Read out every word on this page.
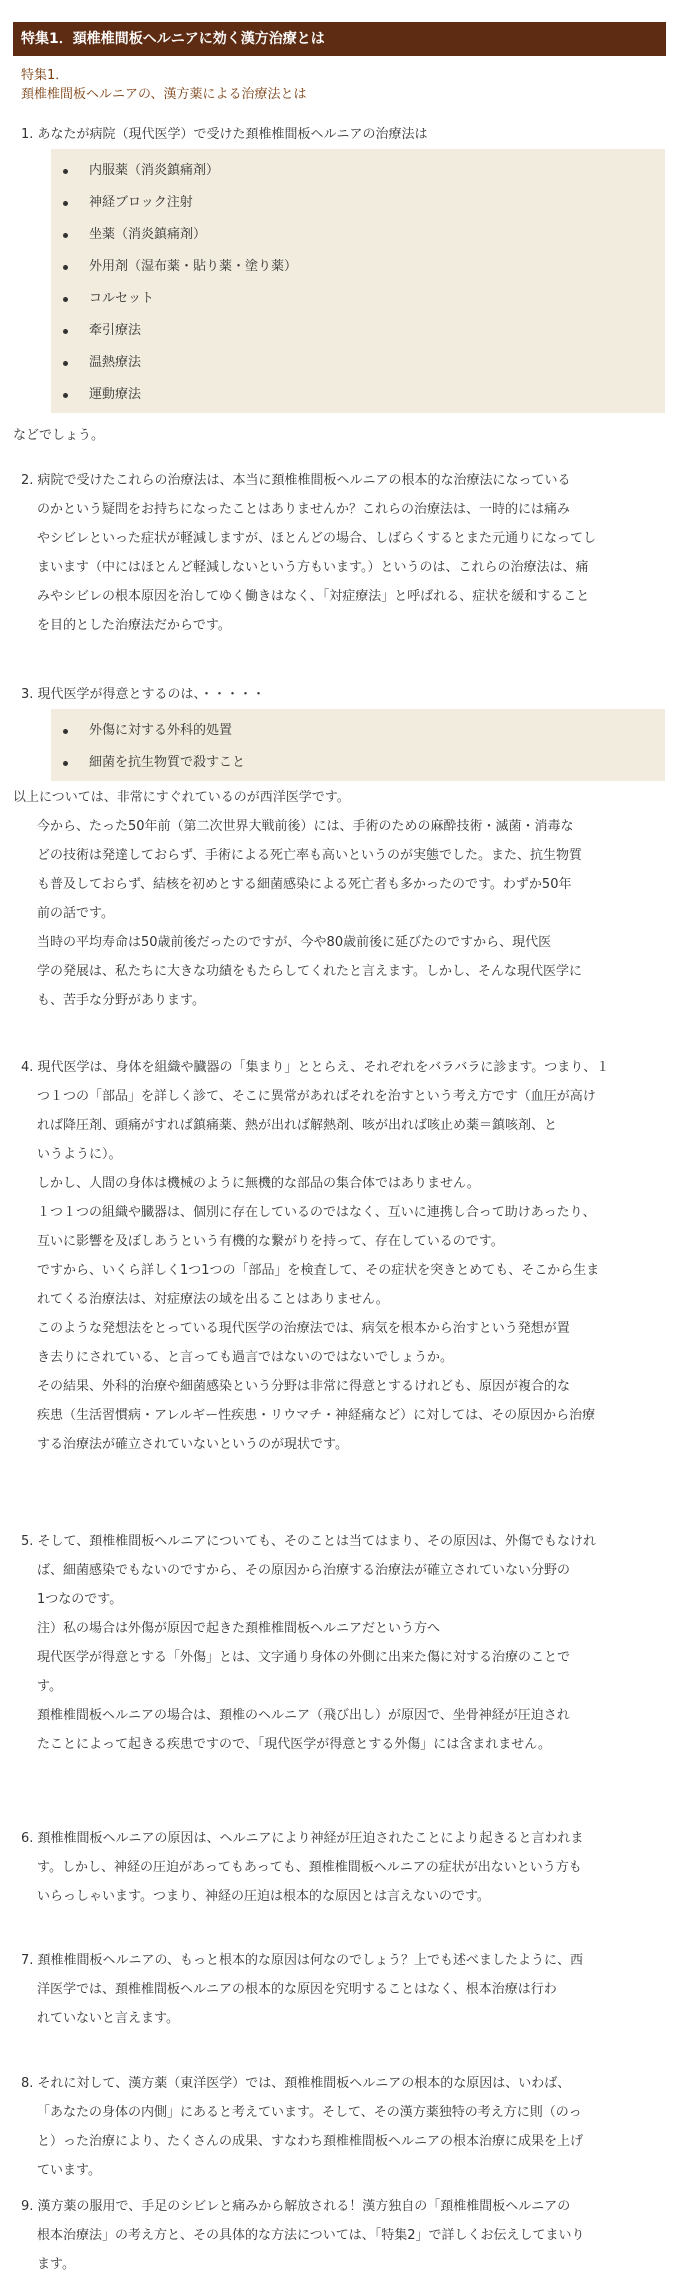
特集1．頚椎椎間板ヘルニアに効く漢方治療とは
特集1．
頚椎椎間板ヘルニアの、漢方薬による治療法とは
1. あなたが病院（現代医学）で受けた頚椎椎間板ヘルニアの治療法は
内服薬（消炎鎮痛剤）
神経ブロック注射
坐薬（消炎鎮痛剤）
外用剤（湿布薬・貼り薬・塗り薬）
コルセット
牽引療法
温熱療法
運動療法
などでしょう。
2. 病院で受けたこれらの治療法は、本当に頚椎椎間板ヘルニアの根本的な治療法になっている
のかという疑問をお持ちになったことはありませんか？これらの治療法は、一時的には痛み
やシビレといった症状が軽減しますが、ほとんどの場合、しばらくするとまた元通りになってし
まいます（中にはほとんど軽減しないという方もいます。）というのは、これらの治療法は、痛
みやシビレの根本原因を治してゆく働きはなく、「対症療法」と呼ばれる、症状を緩和すること
を目的とした治療法だからです。
3. 現代医学が得意とするのは、・・・・・
外傷に対する外科的処置
細菌を抗生物質で殺すこと
以上については、非常にすぐれているのが西洋医学です。
今から、たった50年前（第二次世界大戦前後）には、手術のための麻酔技術・滅菌・消毒な
どの技術は発達しておらず、手術による死亡率も高いというのが実態でした。また、抗生物質
も普及しておらず、結核を初めとする細菌感染による死亡者も多かったのです。わずか50年
前の話です。
当時の平均寿命は50歳前後だったのですが、今や80歳前後に延びたのですから、現代医
学の発展は、私たちに大きな功績をもたらしてくれたと言えます。しかし、そんな現代医学に
も、苦手な分野があります。
4. 現代医学は、身体を組織や臓器の「集まり」ととらえ、それぞれをバラバラに診ます。つまり、１
つ１つの「部品」を詳しく診て、そこに異常があればそれを治すという考え方です（血圧が高け
れば降圧剤、頭痛がすれば鎮痛薬、熱が出れば解熱剤、咳が出れば咳止め薬＝鎮咳剤、と
いうように）。
しかし、人間の身体は機械のように無機的な部品の集合体ではありません。
１つ１つの組織や臓器は、個別に存在しているのではなく、互いに連携し合って助けあったり、
互いに影響を及ぼしあうという有機的な繋がりを持って、存在しているのです。
ですから、いくら詳しく1つ1つの「部品」を検査して、その症状を突きとめても、そこから生ま
れてくる治療法は、対症療法の域を出ることはありません。
このような発想法をとっている現代医学の治療法では、病気を根本から治すという発想が置
き去りにされている、と言っても過言ではないのではないでしょうか。
その結果、外科的治療や細菌感染という分野は非常に得意とするけれども、原因が複合的な
疾患（生活習慣病・アレルギー性疾患・リウマチ・神経痛など）に対しては、その原因から治療
する治療法が確立されていないというのが現状です。
5. そして、頚椎椎間板ヘルニアについても、そのことは当てはまり、その原因は、外傷でもなけれ
ば、細菌感染でもないのですから、その原因から治療する治療法が確立されていない分野の
1つなのです。
注）私の場合は外傷が原因で起きた頚椎椎間板ヘルニアだという方へ
現代医学が得意とする「外傷」とは、文字通り身体の外側に出来た傷に対する治療のことで
す。
頚椎椎間板ヘルニアの場合は、頚椎のヘルニア（飛び出し）が原因で、坐骨神経が圧迫され
たことによって起きる疾患ですので、「現代医学が得意とする外傷」には含まれません。
6. 頚椎椎間板ヘルニアの原因は、ヘルニアにより神経が圧迫されたことにより起きると言われま
す。しかし、神経の圧迫があってもあっても、頚椎椎間板ヘルニアの症状が出ないという方も
いらっしゃいます。つまり、神経の圧迫は根本的な原因とは言えないのです。
7. 頚椎椎間板ヘルニアの、もっと根本的な原因は何なのでしょう？上でも述べましたように、西
洋医学では、頚椎椎間板ヘルニアの根本的な原因を究明することはなく、根本治療は行わ
れていないと言えます。
8. それに対して、漢方薬（東洋医学）では、頚椎椎間板ヘルニアの根本的な原因は、いわば、
「あなたの身体の内側」にあると考えています。そして、その漢方薬独特の考え方に則（のっ
と）った治療により、たくさんの成果、すなわち頚椎椎間板ヘルニアの根本治療に成果を上げ
ています。
9. 漢方薬の服用で、手足のシビレと痛みから解放される！漢方独自の「頚椎椎間板ヘルニアの
根本治療法」の考え方と、その具体的な方法については、「特集2」で詳しくお伝えしてまいり
ます。
